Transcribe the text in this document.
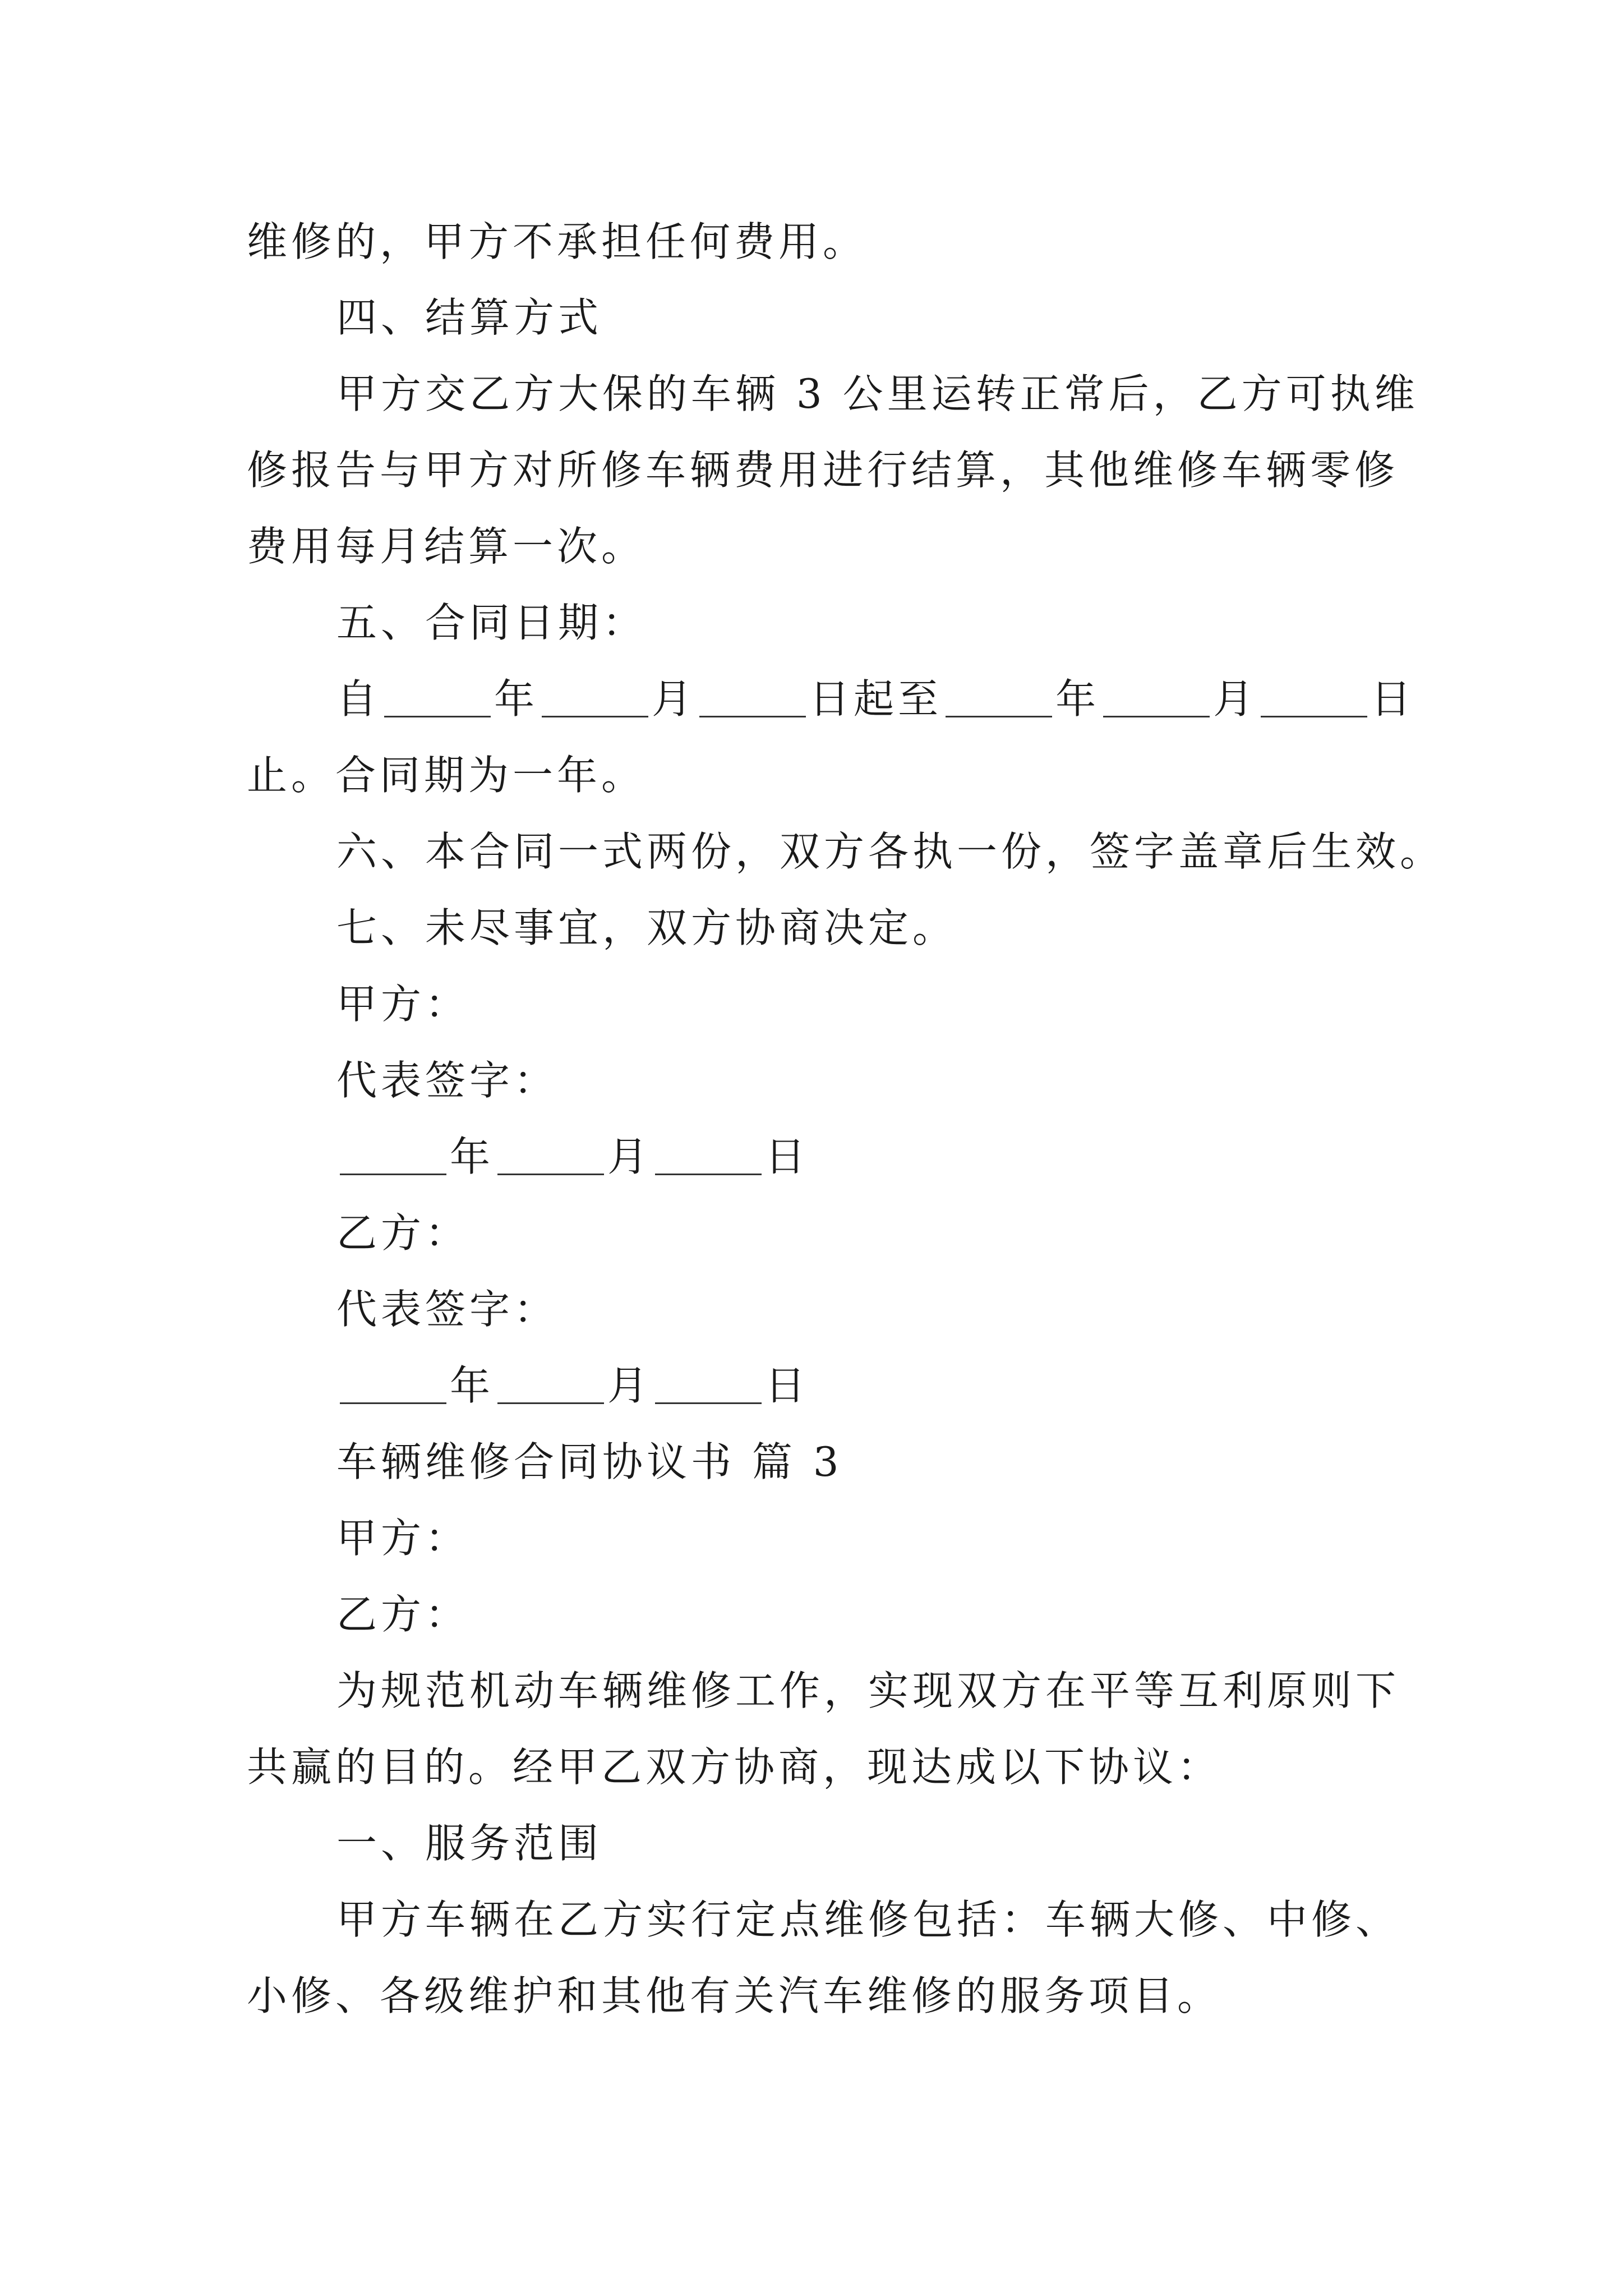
维修的，甲方不承担任何费用。
四、结算方式
甲方交乙方大保的车辆 3 公里运转正常后，乙方可执维
修报告与甲方对所修车辆费用进行结算，其他维修车辆零修
费用每月结算一次。
五、合同日期：
自	年	月	日起至	年	月	日
止。合同期为一年。
六、本合同一式两份，双方各执一份，签字盖章后生效。
七、未尽事宜，双方协商决定。
甲方：
代表签字：
年	月	日
乙方：
代表签字：
年	月	日
车辆维修合同协议书 篇 3
甲方：
乙方：
为规范机动车辆维修工作，实现双方在平等互利原则下
共赢的目的。经甲乙双方协商，现达成以下协议：
一、服务范围
甲方车辆在乙方实行定点维修包括：车辆大修、中修、
小修、各级维护和其他有关汽车维修的服务项目。
